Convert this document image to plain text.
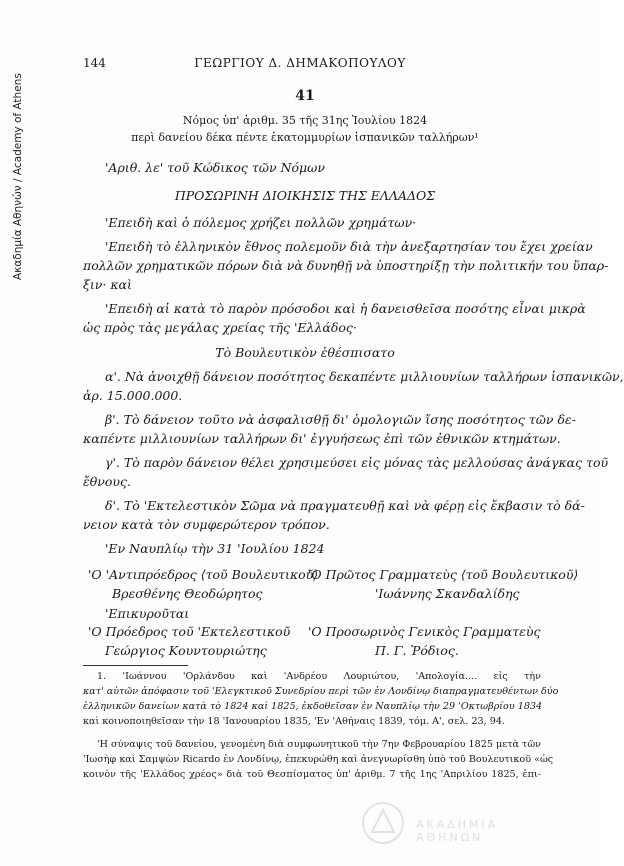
Ακαδημία Αθηνών / Academy of Athens
144	ΓΕΩΡΓΙΟΥ Δ. ΔΗΜΑΚΟΠΟΥΛΟΥ
41
Νόμος ὑπ' ἀριθμ. 35 τῆς 31ης Ἰουλίου 1824
περὶ δανείου δέκα πέντε ἑκατομμυρίων ἱσπανικῶν ταλλήρων¹
'Αριθ. λε' τοῦ Κώδικος τῶν Νόμων
ΠΡΟΣΩΡΙΝΗ ΔΙΟΙΚΗΣΙΣ ΤΗΣ ΕΛΛΑΔΟΣ
'Επειδὴ καὶ ὁ πόλεμος χρήζει πολλῶν χρημάτων·
'Επειδὴ τὸ ἑλληνικὸν ἔθνος πολεμοῦν διὰ τὴν ἀνεξαρτησίαν του ἔχει χρείαν
πολλῶν χρηματικῶν πόρων διὰ νὰ δυνηθῇ νὰ ὑποστηρίξῃ τὴν πολιτικήν του ὕπαρ-
ξιν· καὶ
'Επειδὴ αἱ κατὰ τὸ παρὸν πρόσοδοι καὶ ἡ δανεισθεῖσα ποσότης εἶναι μικρὰ
ὡς πρὸς τὰς μεγάλας χρείας τῆς 'Ελλάδος·
Τὸ Βουλευτικὸν ἐθέσπισατο
α'. Νὰ ἀνοιχθῇ δάνειον ποσότητος δεκαπέντε μιλλιουνίων ταλλήρων ἱσπανικῶν,
ἀρ. 15.000.000.
β'. Τὸ δάνειον τοῦτο νὰ ἀσφαλισθῇ δι' ὁμολογιῶν ἴσης ποσότητος τῶν δε-
καπέντε μιλλιουνίων ταλλήρων δι' ἐγγυήσεως ἐπὶ τῶν ἐθνικῶν κτημάτων.
γ'. Τὸ παρὸν δάνειον θέλει χρησιμεύσει εἰς μόνας τὰς μελλούσας ἀνάγκας τοῦ
ἔθνους.
δ'. Τὸ 'Εκτελεστικὸν Σῶμα νὰ πραγματευθῇ καὶ νὰ φέρῃ εἰς ἔκβασιν τὸ δά-
νειον κατὰ τὸν συμφερώτερον τρόπον.
'Εν Ναυπλίῳ τὴν 31 'Ιουλίου 1824
'Ο 'Αντιπρόεδρος ⟨τοῦ Βουλευτικοῦ⟩
Βρεσθένης Θεοδώρητος
'Ο Πρῶτος Γραμματεὺς ⟨τοῦ Βουλευτικοῦ⟩
'Ιωάννης Σκανδαλίδης
'Επικυροῦται
'Ο Πρόεδρος τοῦ 'Εκτελεστικοῦ
Γεώργιος Κουντουριώτης
'Ο Προσωρινὸς Γενικὸς Γραμματεὺς
Π. Γ. Ῥόδιος.
1. 'Ιωάννου 'Ορλάνδου καὶ 'Ανδρέου Λουριώτου, 'Απολογία.... εἰς τὴν
κατ' αὐτῶν ἀπόφασιν τοῦ 'Ελεγκτικοῦ Συνεδρίου περὶ τῶν ἐν Λονδίνῳ διαπραγματευθέντων δύο
ἑλληνικῶν δανείων κατὰ τὸ 1824 καὶ 1825, ἐκδοθεῖσαν ἐν Ναυπλίῳ τὴν 29 'Οκτωβρίου 1834
καὶ κοινοποιηθεῖσαν τὴν 18 'Ιανουαρίου 1835, 'Εν 'Αθήναις 1839, τόμ. Α', σελ. 23, 94.
'Η σύναψις τοῦ δανείου, γενομένη διὰ συμφωνητικοῦ τὴν 7ην Φεβρουαρίου 1825 μετὰ τῶν
'Ιωσὴφ καὶ Σαμψὼν Ricardo ἐν Λονδίνῳ, ἐπεκυρώθη καὶ ἀνεγνωρίσθη ὑπὸ τοῦ Βουλευτικοῦ «ὡς
κοινὸν τῆς 'Ελλάδος χρέος» διὰ τοῦ Θεσπίσματος ὑπ' ἀριθμ. 7 τῆς 1ης 'Απριλίου 1825, ἐπι-
ΑΚΑΔΗΜΙΑ ΑΘΗΝΩΝ
